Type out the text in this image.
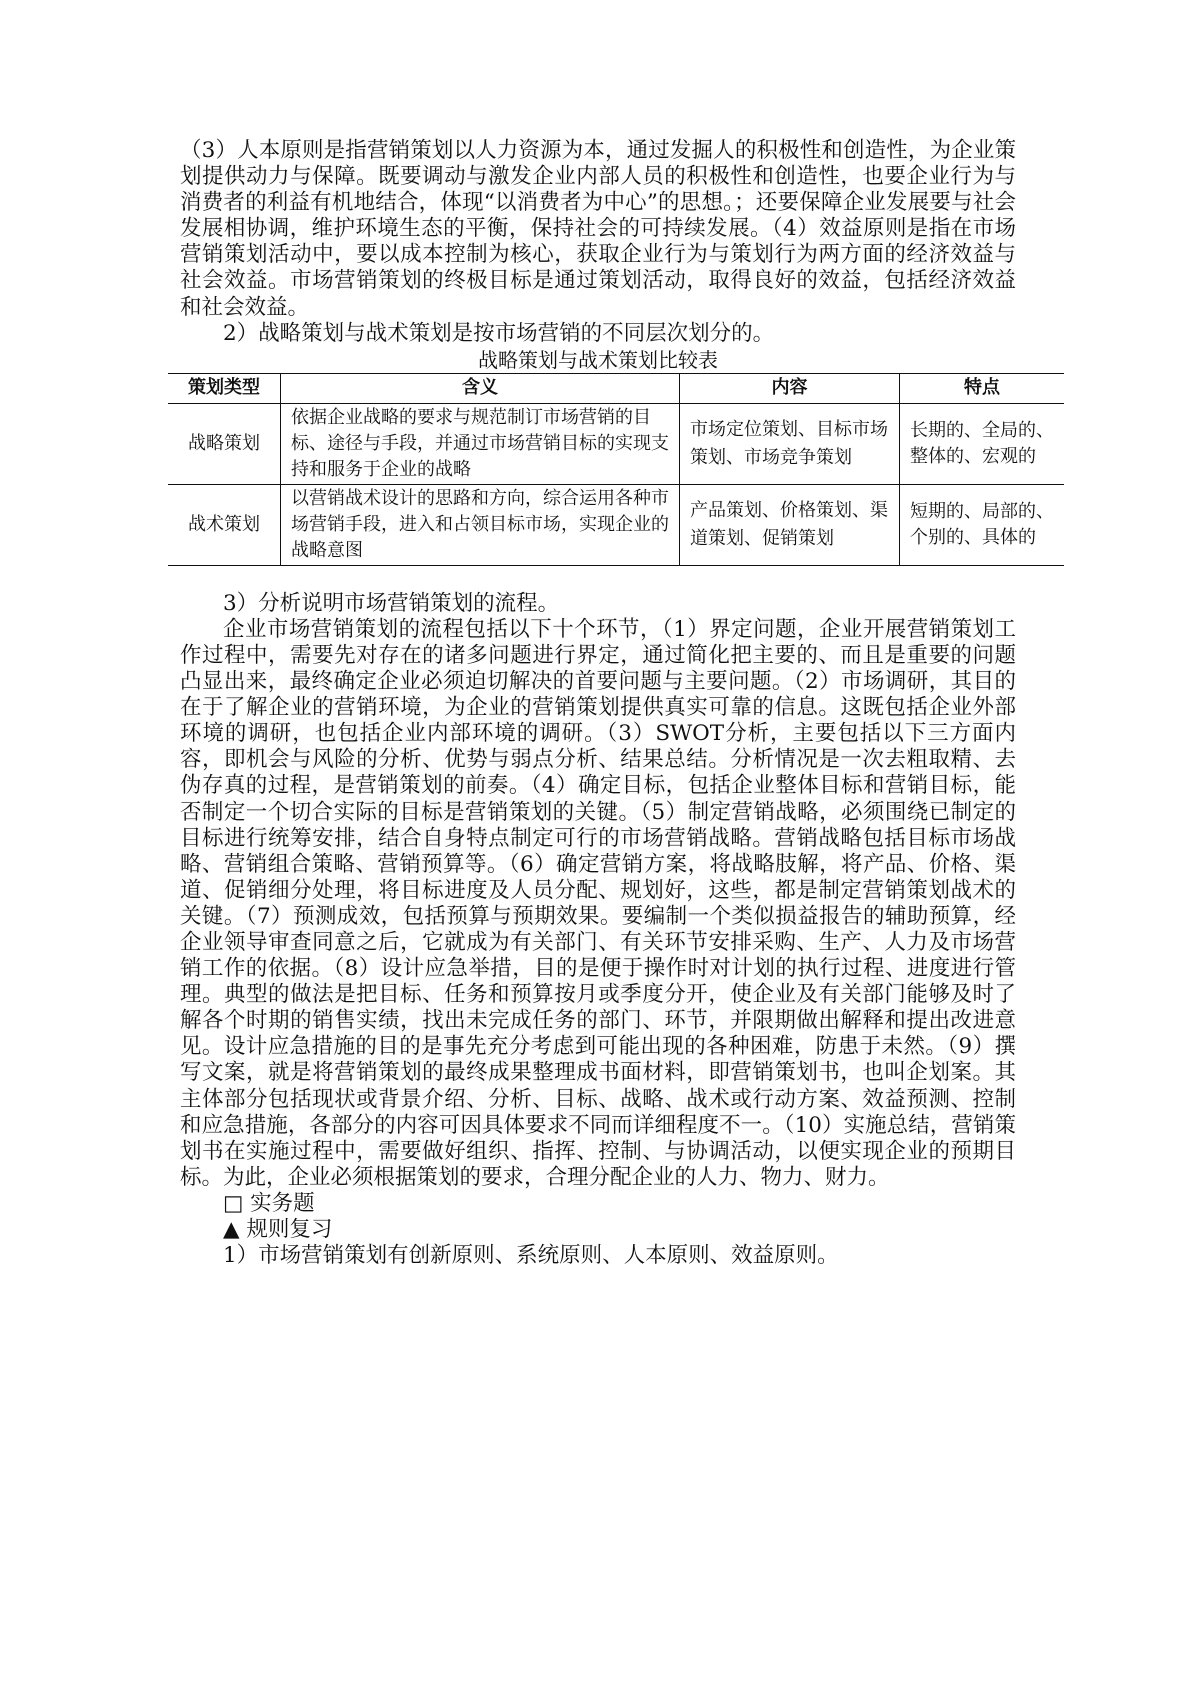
（3）人本原则是指营销策划以人力资源为本，通过发掘人的积极性和创造性，为企业策划提供动力与保障。既要调动与激发企业内部人员的积极性和创造性，也要企业行为与消费者的利益有机地结合，体现“以消费者为中心”的思想。；还要保障企业发展要与社会发展相协调，维护环境生态的平衡，保持社会的可持续发展。（4）效益原则是指在市场营销策划活动中，要以成本控制为核心，获取企业行为与策划行为两方面的经济效益与社会效益。市场营销策划的终极目标是通过策划活动，取得良好的效益，包括经济效益和社会效益。

2）战略策划与战术策划是按市场营销的不同层次划分的。

战略策划与战术策划比较表
策划类型	含义	内容	特点
战略策划	依据企业战略的要求与规范制订市场营销的目标、途径与手段，并通过市场营销目标的实现支持和服务于企业的战略	市场定位策划、目标市场策划、市场竞争策划	长期的、全局的、整体的、宏观的
战术策划	以营销战术设计的思路和方向，综合运用各种市场营销手段，进入和占领目标市场，实现企业的战略意图	产品策划、价格策划、渠道策划、促销策划	短期的、局部的、个别的、具体的

3）分析说明市场营销策划的流程。

企业市场营销策划的流程包括以下十个环节，（1）界定问题，企业开展营销策划工作过程中，需要先对存在的诸多问题进行界定，通过简化把主要的、而且是重要的问题凸显出来，最终确定企业必须迫切解决的首要问题与主要问题。（2）市场调研，其目的在于了解企业的营销环境，为企业的营销策划提供真实可靠的信息。这既包括企业外部环境的调研，也包括企业内部环境的调研。（3）SWOT分析，主要包括以下三方面内容，即机会与风险的分析、优势与弱点分析、结果总结。分析情况是一次去粗取精、去伪存真的过程，是营销策划的前奏。（4）确定目标，包括企业整体目标和营销目标，能否制定一个切合实际的目标是营销策划的关键。（5）制定营销战略，必须围绕已制定的目标进行统筹安排，结合自身特点制定可行的市场营销战略。营销战略包括目标市场战略、营销组合策略、营销预算等。（6）确定营销方案，将战略肢解，将产品、价格、渠道、促销细分处理，将目标进度及人员分配、规划好，这些，都是制定营销策划战术的关键。（7）预测成效，包括预算与预期效果。要编制一个类似损益报告的辅助预算，经企业领导审查同意之后，它就成为有关部门、有关环节安排采购、生产、人力及市场营销工作的依据。（8）设计应急举措，目的是便于操作时对计划的执行过程、进度进行管理。典型的做法是把目标、任务和预算按月或季度分开，使企业及有关部门能够及时了解各个时期的销售实绩，找出未完成任务的部门、环节，并限期做出解释和提出改进意见。设计应急措施的目的是事先充分考虑到可能出现的各种困难，防患于未然。（9）撰写文案，就是将营销策划的最终成果整理成书面材料，即营销策划书，也叫企划案。其主体部分包括现状或背景介绍、分析、目标、战略、战术或行动方案、效益预测、控制和应急措施，各部分的内容可因具体要求不同而详细程度不一。（10）实施总结，营销策划书在实施过程中，需要做好组织、指挥、控制、与协调活动，以便实现企业的预期目标。为此，企业必须根据策划的要求，合理分配企业的人力、物力、财力。

□ 实务题

▲ 规则复习

1）市场营销策划有创新原则、系统原则、人本原则、效益原则。
